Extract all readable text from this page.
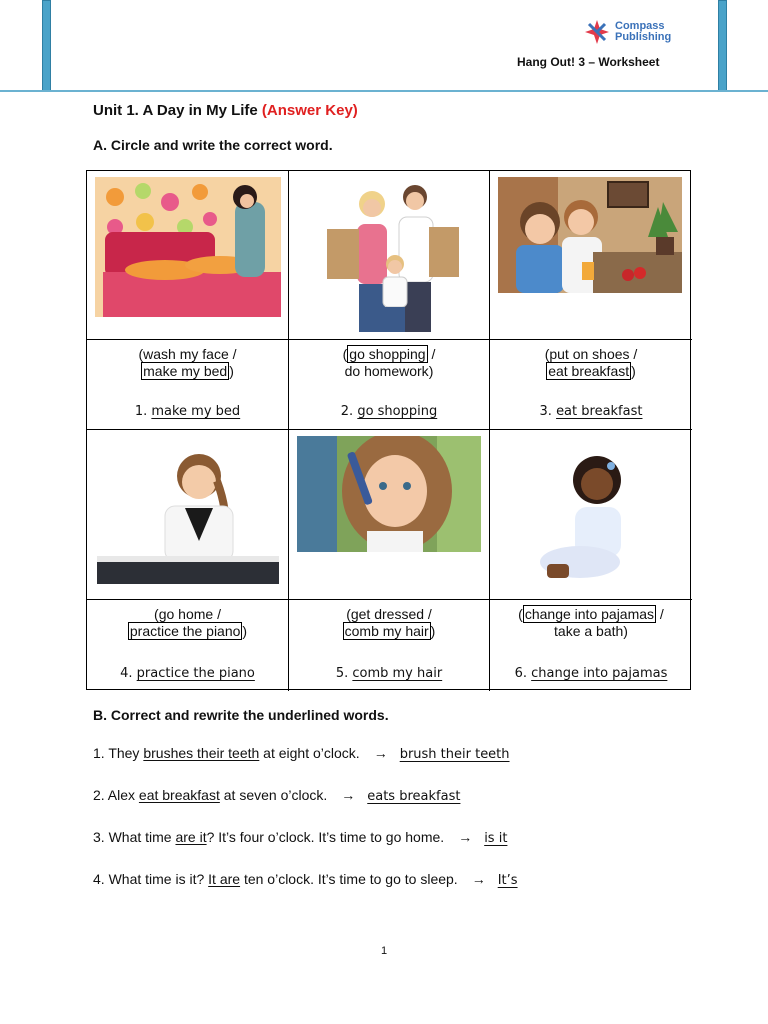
Compass
Publishing
Hang Out! 3 – Worksheet
Unit 1. A Day in My Life (Answer Key)
A. Circle and write the correct word.
(wash my face /
make my bed )
1. make my bed
( go shopping /
do homework)
2. go shopping
(put on shoes /
eat breakfast )
3. eat breakfast
(go home /
practice the piano )
4. practice the piano
(get dressed /
comb my hair )
5. comb my hair
( change into pajamas /
take a bath)
6. change into pajamas
B. Correct and rewrite the underlined words.
1. They brushes their teeth at eight o’clock. → brush their teeth
2. Alex eat breakfast at seven o’clock. → eats breakfast
3. What time are it? It’s four o’clock. It’s time to go home. → is it
4. What time is it? It are ten o’clock. It’s time to go to sleep. → It’s
1
